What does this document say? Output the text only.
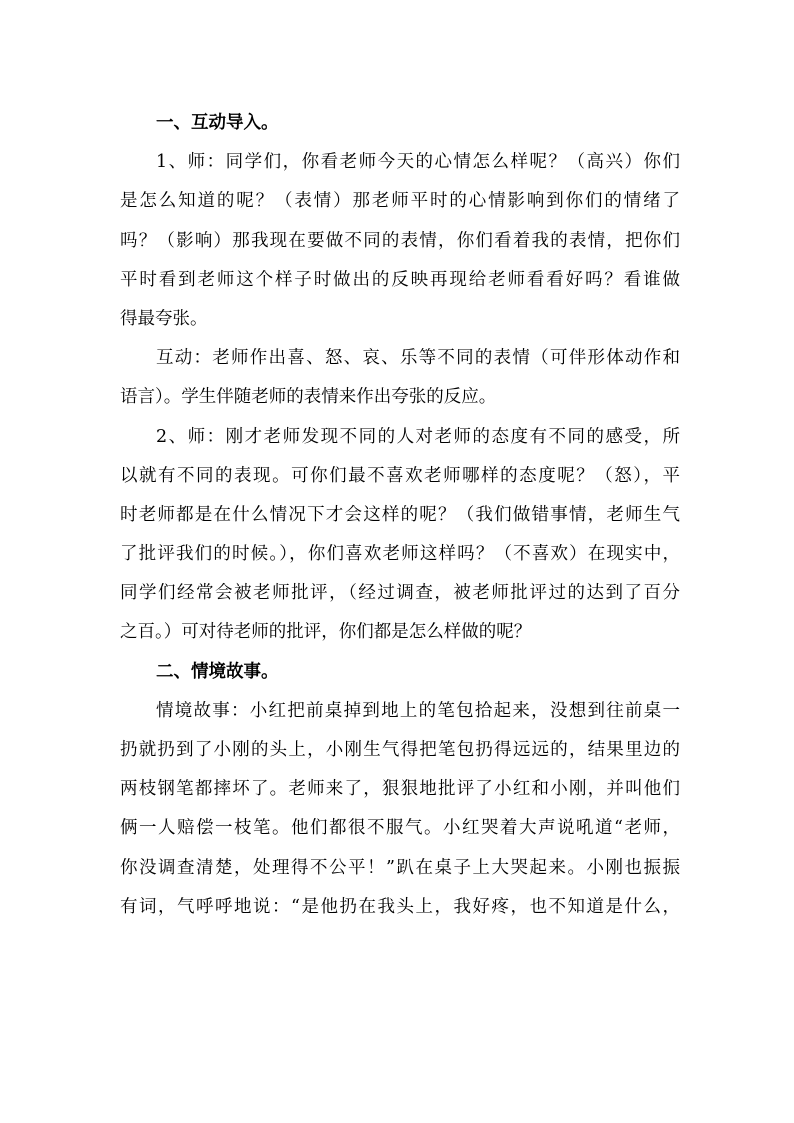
一、互动导入。
1、师：同学们，你看老师今天的心情怎么样呢？（高兴）你们
是怎么知道的呢？（表情）那老师平时的心情影响到你们的情绪了
吗？（影响）那我现在要做不同的表情，你们看着我的表情，把你们
平时看到老师这个样子时做出的反映再现给老师看看好吗？看谁做
得最夸张。
互动：老师作出喜、怒、哀、乐等不同的表情（可伴形体动作和
语言）。学生伴随老师的表情来作出夸张的反应。
2、师：刚才老师发现不同的人对老师的态度有不同的感受，所
以就有不同的表现。可你们最不喜欢老师哪样的态度呢？（怒），平
时老师都是在什么情况下才会这样的呢？（我们做错事情，老师生气
了批评我们的时候。），你们喜欢老师这样吗？（不喜欢）在现实中，
同学们经常会被老师批评，（经过调查，被老师批评过的达到了百分
之百。）可对待老师的批评，你们都是怎么样做的呢？
二、情境故事。
情境故事：小红把前桌掉到地上的笔包拾起来，没想到往前桌一
扔就扔到了小刚的头上，小刚生气得把笔包扔得远远的，结果里边的
两枝钢笔都摔坏了。老师来了，狠狠地批评了小红和小刚，并叫他们
俩一人赔偿一枝笔。他们都很不服气。小红哭着大声说吼道“老师，
你没调查清楚，处理得不公平！”趴在桌子上大哭起来。小刚也振振
有词，气呼呼地说：“是他扔在我头上，我好疼，也不知道是什么，
